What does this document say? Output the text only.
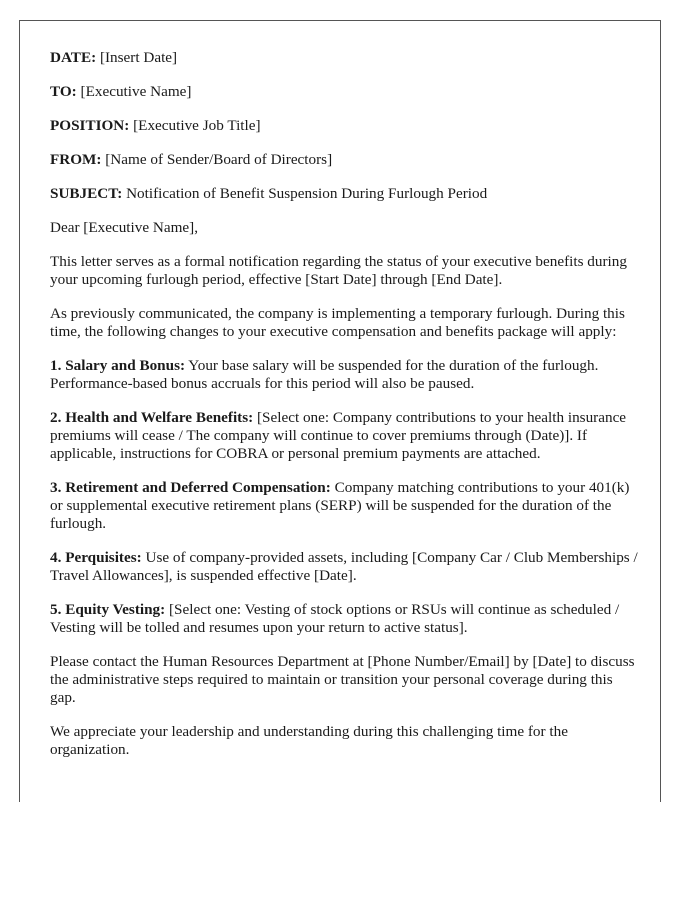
DATE: [Insert Date]
TO: [Executive Name]
POSITION: [Executive Job Title]
FROM: [Name of Sender/Board of Directors]
SUBJECT: Notification of Benefit Suspension During Furlough Period
Dear [Executive Name],
This letter serves as a formal notification regarding the status of your executive benefits during your upcoming furlough period, effective [Start Date] through [End Date].
As previously communicated, the company is implementing a temporary furlough. During this time, the following changes to your executive compensation and benefits package will apply:
1. Salary and Bonus: Your base salary will be suspended for the duration of the furlough. Performance-based bonus accruals for this period will also be paused.
2. Health and Welfare Benefits: [Select one: Company contributions to your health insurance premiums will cease / The company will continue to cover premiums through (Date)]. If applicable, instructions for COBRA or personal premium payments are attached.
3. Retirement and Deferred Compensation: Company matching contributions to your 401(k) or supplemental executive retirement plans (SERP) will be suspended for the duration of the furlough.
4. Perquisites: Use of company-provided assets, including [Company Car / Club Memberships / Travel Allowances], is suspended effective [Date].
5. Equity Vesting: [Select one: Vesting of stock options or RSUs will continue as scheduled / Vesting will be tolled and resumes upon your return to active status].
Please contact the Human Resources Department at [Phone Number/Email] by [Date] to discuss the administrative steps required to maintain or transition your personal coverage during this gap.
We appreciate your leadership and understanding during this challenging time for the organization.
